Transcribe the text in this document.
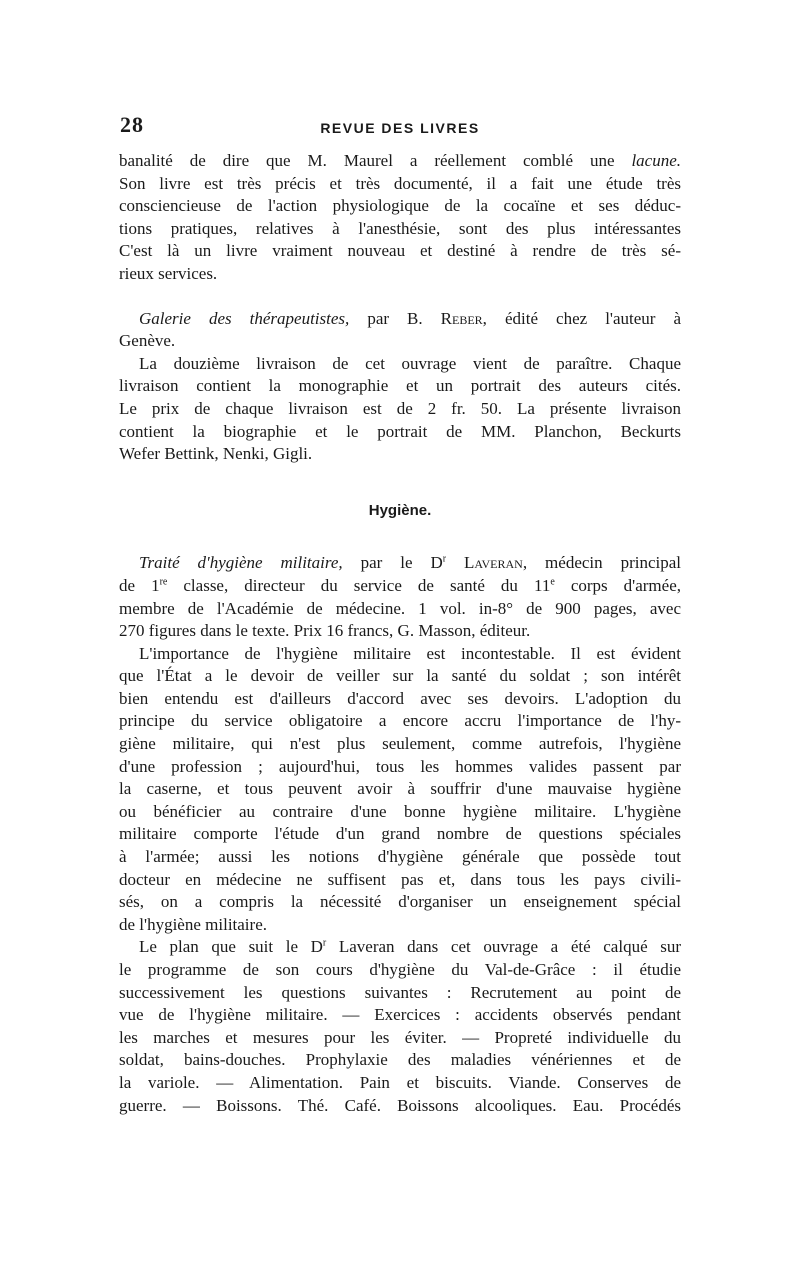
28	REVUE DES LIVRES
banalité de dire que M. Maurel a réellement comblé une lacune.
Son livre est très précis et très documenté, il a fait une étude très
consciencieuse de l'action physiologique de la cocaïne et ses déduc-
tions pratiques, relatives à l'anesthésie, sont des plus intéressantes
C'est là un livre vraiment nouveau et destiné à rendre de très sé-
rieux services.
Galerie des thérapeutistes, par B. Reber, édité chez l'auteur à
Genève.
La douzième livraison de cet ouvrage vient de paraître. Chaque
livraison contient la monographie et un portrait des auteurs cités.
Le prix de chaque livraison est de 2 fr. 50. La présente livraison
contient la biographie et le portrait de MM. Planchon, Beckurts
Wefer Bettink, Nenki, Gigli.
Hygiène.
Traité d'hygiène militaire, par le $D^r$ Laveran, médecin principal
de 1re classe, directeur du service de santé du 11e corps d'armée,
membre de l'Académie de médecine. 1 vol. in-8° de 900 pages, avec
270 figures dans le texte. Prix 16 francs, G. Masson, éditeur.
L'importance de l'hygiène militaire est incontestable. Il est évident
que l'État a le devoir de veiller sur la santé du soldat ; son intérêt
bien entendu est d'ailleurs d'accord avec ses devoirs. L'adoption du
principe du service obligatoire a encore accru l'importance de l'hy-
giène militaire, qui n'est plus seulement, comme autrefois, l'hygiène
d'une profession ; aujourd'hui, tous les hommes valides passent par
la caserne, et tous peuvent avoir à souffrir d'une mauvaise hygiène
ou bénéficier au contraire d'une bonne hygiène militaire. L'hygiène
militaire comporte l'étude d'un grand nombre de questions spéciales
à l'armée; aussi les notions d'hygiène générale que possède tout
docteur en médecine ne suffisent pas et, dans tous les pays civili-
sés, on a compris la nécessité d'organiser un enseignement spécial
de l'hygiène militaire.
Le plan que suit le $D^r$ Laveran dans cet ouvrage a été calqué sur
le programme de son cours d'hygiène du Val-de-Grâce : il étudie
successivement les questions suivantes : Recrutement au point de
vue de l'hygiène militaire. — Exercices : accidents observés pendant
les marches et mesures pour les éviter. — Propreté individuelle du
soldat, bains-douches. Prophylaxie des maladies vénériennes et de
la variole. — Alimentation. Pain et biscuits. Viande. Conserves de
guerre. — Boissons. Thé. Café. Boissons alcooliques. Eau. Procédés
